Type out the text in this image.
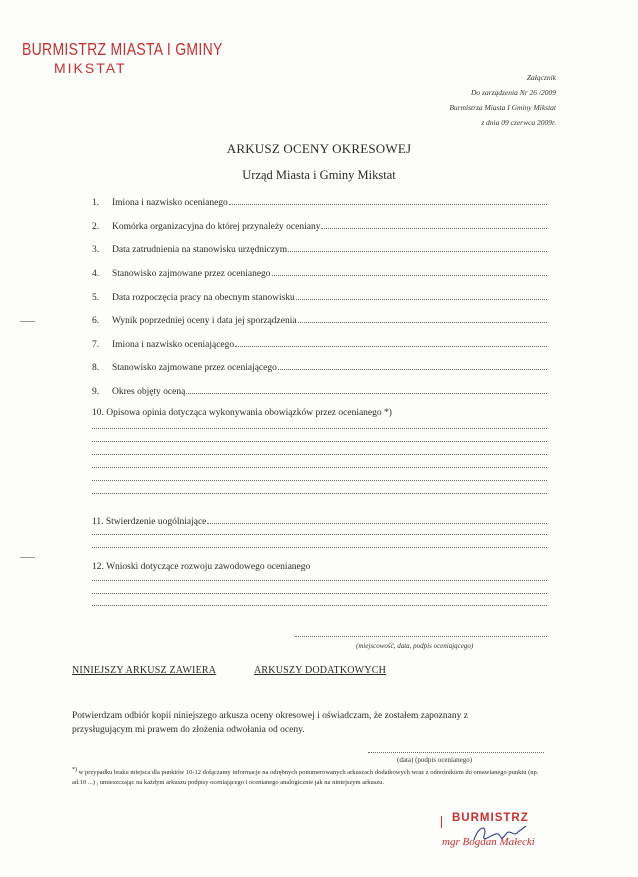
BURMISTRZ MIASTA I GMINY
MIKSTAT
Załącznik
Do zarządzenia Nr 26 /2009
Burmistrza Miasta I Gminy Mikstat
z dnia 09 czerwca 2009r.
ARKUSZ OCENY OKRESOWEJ
Urząd Miasta i Gminy Mikstat
1.	Imiona i nazwisko ocenianego
2.	Komórka organizacyjna do której przynależy oceniany
3.	Data zatrudnienia na stanowisku urzędniczym
4.	Stanowisko zajmowane przez ocenianego
5.	Data rozpoczęcia pracy na obecnym stanowisku
6.	Wynik poprzedniej oceny i data jej sporządzenia
7.	Imiona i nazwisko oceniającego
8.	Stanowisko zajmowane przez oceniającego
9.	Okres objęty oceną
10. Opisowa opinia dotycząca wykonywania obowiązków przez ocenianego *)
11. Stwierdzenie uogólniające
12. Wnioski dotyczące rozwoju zawodowego ocenianego
(miejscowość, data, podpis oceniającego)
NINIEJSZY ARKUSZ ZAWIERA	ARKUSZY DODATKOWYCH
Potwierdzam odbiór kopii niniejszego arkusza oceny okresowej i oświadczam, że zostałem zapoznany z przysługującym mi prawem do złożenia odwołania od oceny.
(data) (podpis ocenianego)
*) w przypadku braku miejsca dla punktów 10-12 dołączamy informacje na odrębnych ponumerowanych arkuszach dodatkowych wraz z odnośnikiem do omawianego punktu (np. ad.10 ...) , umieszczając na każdym arkuszu podpisy oceniającego i ocenianego analogicznie jak na niniejszym arkuszu.
BURMISTRZ
mgr Bogdan Małecki
